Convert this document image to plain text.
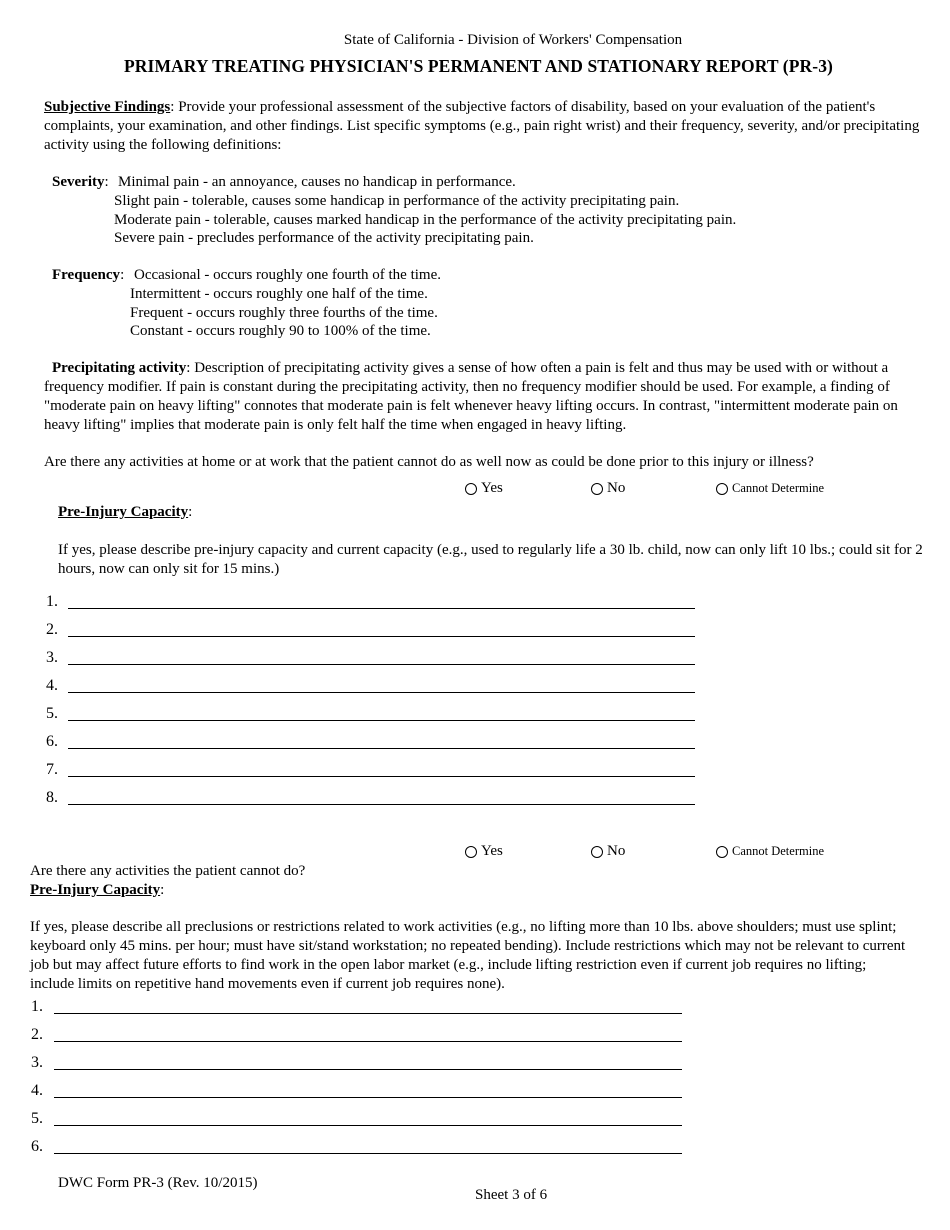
State of California - Division of Workers' Compensation
PRIMARY TREATING PHYSICIAN'S PERMANENT AND STATIONARY REPORT (PR-3)
Subjective Findings: Provide your professional assessment of the subjective factors of disability, based on your evaluation of the patient's complaints, your examination, and other findings. List specific symptoms (e.g., pain right wrist) and their frequency, severity, and/or precipitating activity using the following definitions:
Severity: Minimal pain - an annoyance, causes no handicap in performance.
Slight pain - tolerable, causes some handicap in performance of the activity precipitating pain.
Moderate pain - tolerable, causes marked handicap in the performance of the activity precipitating pain.
Severe pain - precludes performance of the activity precipitating pain.
Frequency: Occasional - occurs roughly one fourth of the time.
Intermittent - occurs roughly one half of the time.
Frequent - occurs roughly three fourths of the time.
Constant - occurs roughly 90 to 100% of the time.
Precipitating activity: Description of precipitating activity gives a sense of how often a pain is felt and thus may be used with or without a frequency modifier. If pain is constant during the precipitating activity, then no frequency modifier should be used. For example, a finding of "moderate pain on heavy lifting" connotes that moderate pain is felt whenever heavy lifting occurs. In contrast, "intermittent moderate pain on heavy lifting" implies that moderate pain is only felt half the time when engaged in heavy lifting.
Are there any activities at home or at work that the patient cannot do as well now as could be done prior to this injury or illness?
Yes	No	Cannot Determine
Pre-Injury Capacity:
If yes, please describe pre-injury capacity and current capacity (e.g., used to regularly life a 30 lb. child, now can only lift 10 lbs.; could sit for 2 hours, now can only sit for 15 mins.)
1.
2.
3.
4.
5.
6.
7.
8.
Yes	No	Cannot Determine
Are there any activities the patient cannot do?
Pre-Injury Capacity:
If yes, please describe all preclusions or restrictions related to work activities (e.g., no lifting more than 10 lbs. above shoulders; must use splint; keyboard only 45 mins. per hour; must have sit/stand workstation; no repeated bending). Include restrictions which may not be relevant to current job but may affect future efforts to find work in the open labor market (e.g., include lifting restriction even if current job requires no lifting; include limits on repetitive hand movements even if current job requires none).
1.
2.
3.
4.
5.
6.
DWC Form PR-3 (Rev. 10/2015)
Sheet 3 of 6
